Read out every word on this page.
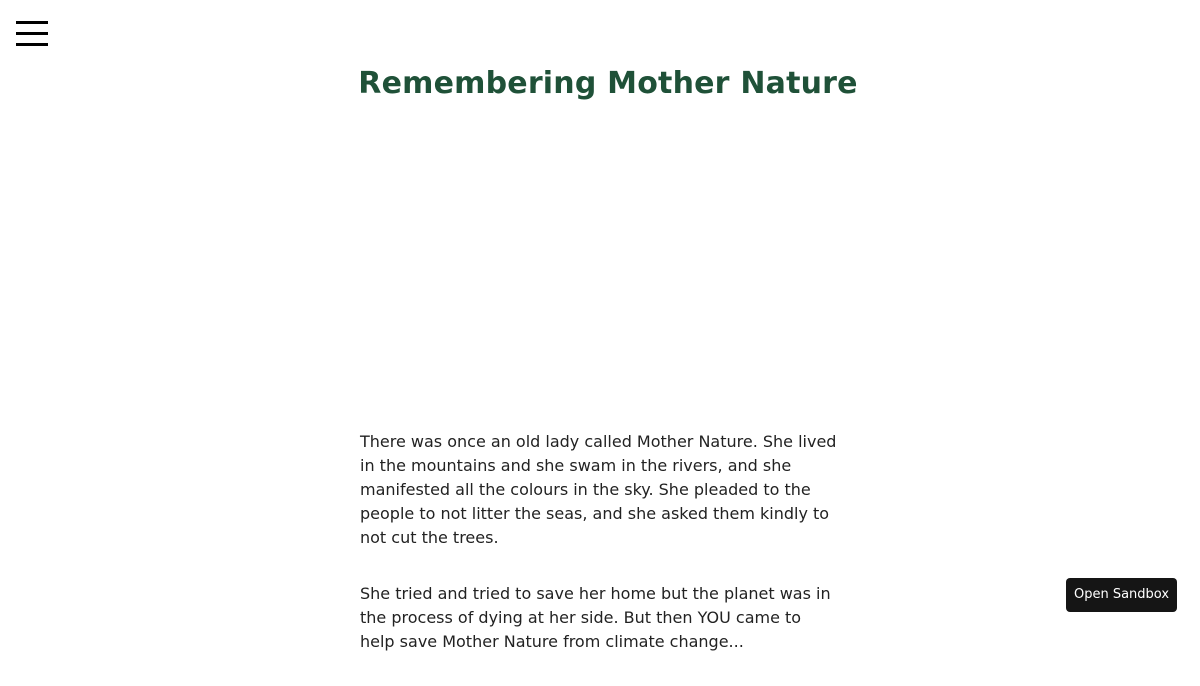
Remembering Mother Nature

There was once an old lady called Mother Nature. She lived in the mountains and she swam in the rivers, and she manifested all the colours in the sky. She pleaded to the people to not litter the seas, and she asked them kindly to not cut the trees.

She tried and tried to save her home but the planet was in the process of dying at her side. But then YOU came to help save Mother Nature from climate change...

Open Sandbox
